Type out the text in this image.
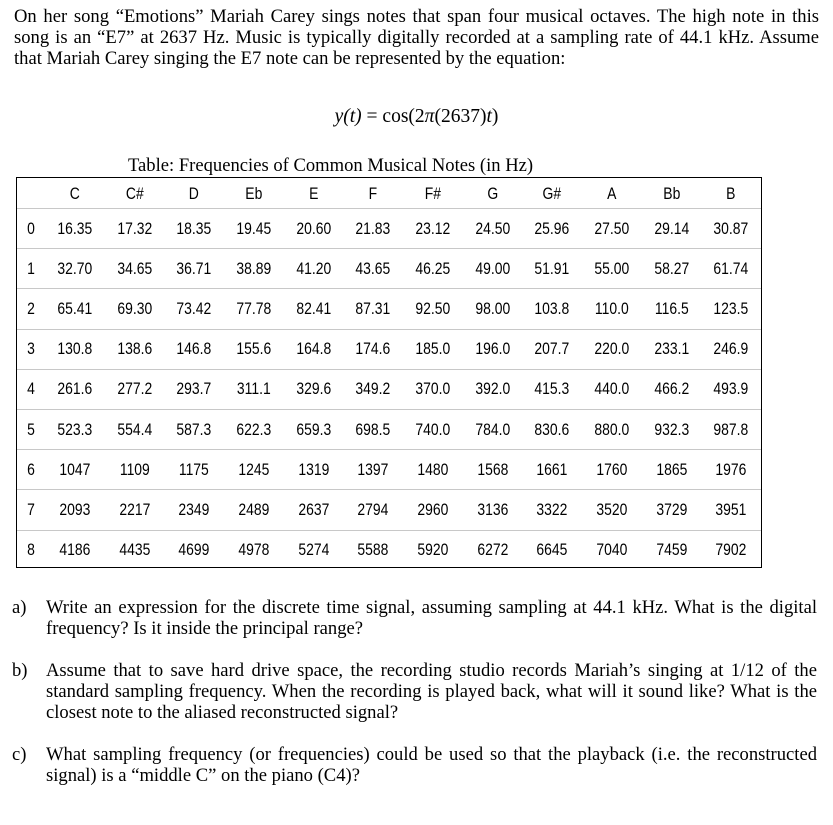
On her song “Emotions” Mariah Carey sings notes that span four musical octaves. The high note in this song is an “E7” at 2637 Hz. Music is typically digitally recorded at a sampling rate of 44.1 kHz. Assume that Mariah Carey singing the E7 note can be represented by the equation:
y(t) = cos(2π(2637)t)
Table: Frequencies of Common Musical Notes (in Hz)
C	C#	D	Eb	E	F	F#	G	G#	A	Bb	B
0	16.35	17.32	18.35	19.45	20.60	21.83	23.12	24.50	25.96	27.50	29.14	30.87
1	32.70	34.65	36.71	38.89	41.20	43.65	46.25	49.00	51.91	55.00	58.27	61.74
2	65.41	69.30	73.42	77.78	82.41	87.31	92.50	98.00	103.8	110.0	116.5	123.5
3	130.8	138.6	146.8	155.6	164.8	174.6	185.0	196.0	207.7	220.0	233.1	246.9
4	261.6	277.2	293.7	311.1	329.6	349.2	370.0	392.0	415.3	440.0	466.2	493.9
5	523.3	554.4	587.3	622.3	659.3	698.5	740.0	784.0	830.6	880.0	932.3	987.8
6	1047	1109	1175	1245	1319	1397	1480	1568	1661	1760	1865	1976
7	2093	2217	2349	2489	2637	2794	2960	3136	3322	3520	3729	3951
8	4186	4435	4699	4978	5274	5588	5920	6272	6645	7040	7459	7902
a)	Write an expression for the discrete time signal, assuming sampling at 44.1 kHz. What is the digital frequency? Is it inside the principal range?
b) Assume that to save hard drive space, the recording studio records Mariah’s singing at 1/12 of the standard sampling frequency. When the recording is played back, what will it sound like? What is the closest note to the aliased reconstructed signal?
c)	What sampling frequency (or frequencies) could be used so that the playback (i.e. the reconstructed signal) is a “middle C” on the piano (C4)?
